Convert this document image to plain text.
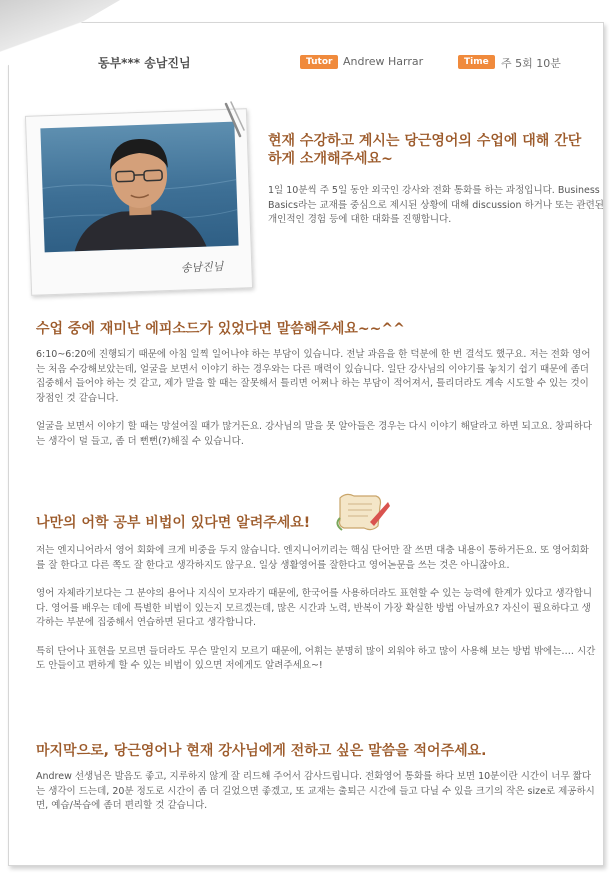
동부*** 송남진님	Tutor Andrew Harrar	Time	주 5회 10분
송남진님
현재 수강하고 계시는 당근영어의 수업에 대해 간단하게 소개해주세요~

1일 10분씩 주 5일 동안 외국인 강사와 전화 통화를 하는 과정입니다. Business Basics라는 교재를 중심으로 제시된 상황에 대해 discussion 하거나 또는 관련된 개인적인 경험 등에 대한 대화를 진행합니다.

수업 중에 재미난 에피소드가 있었다면 말씀해주세요~~^^

6:10~6:20에 진행되기 때문에 아침 일찍 일어나야 하는 부담이 있습니다. 전날 과음을 한 덕분에 한 번 결석도 했구요. 저는 전화 영어는 처음 수강해보았는데, 얼굴을 보면서 이야기 하는 경우와는 다른 매력이 있습니다. 일단 강사님의 이야기를 놓치기 쉽기 때문에 좀더 집중해서 들어야 하는 것 같고, 제가 말을 할 때는 잘못해서 틀리면 어쩌나 하는 부담이 적어져서, 틀리더라도 계속 시도할 수 있는 것이 장점인 것 같습니다.

얼굴을 보면서 이야기 할 때는 망설여질 때가 많거든요. 강사님의 말을 못 알아들은 경우는 다시 이야기 해달라고 하면 되고요. 창피하다는 생각이 덜 들고, 좀 더 뻔뻔(?)해질 수 있습니다.

나만의 어학 공부 비법이 있다면 알려주세요!

저는 엔지니어라서 영어 회화에 크게 비중을 두지 않습니다. 엔지니어끼리는 핵심 단어만 잘 쓰면 대충 내용이 통하거든요. 또 영어회화를 잘 한다고 다른 쪽도 잘 한다고 생각하지도 않구요. 일상 생활영어를 잘한다고 영어논문을 쓰는 것은 아니잖아요.

영어 자체라기보다는 그 분야의 용어나 지식이 모자라기 때문에, 한국어를 사용하더라도 표현할 수 있는 능력에 한계가 있다고 생각합니다. 영어를 배우는 데에 특별한 비법이 있는지 모르겠는데, 많은 시간과 노력, 반복이 가장 확실한 방법 아닐까요? 자신이 필요하다고 생각하는 부분에 집중해서 연습하면 된다고 생각합니다.

특히 단어나 표현을 모르면 들더라도 무슨 말인지 모르기 때문에, 어휘는 분명히 많이 외워야 하고 많이 사용해 보는 방법 밖에는…. 시간도 안들이고 편하게 할 수 있는 비법이 있으면 저에게도 알려주세요~!

마지막으로, 당근영어나 현재 강사님에게 전하고 싶은 말씀을 적어주세요.

Andrew 선생님은 발음도 좋고, 지루하지 않게 잘 리드해 주어서 감사드립니다. 전화영어 통화를 하다 보면 10분이란 시간이 너무 짧다는 생각이 드는데, 20분 정도로 시간이 좀 더 길었으면 좋겠고, 또 교재는 출퇴근 시간에 들고 다닐 수 있을 크기의 작은 size로 제공하시면, 예습/복습에 좀더 편리할 것 같습니다.
